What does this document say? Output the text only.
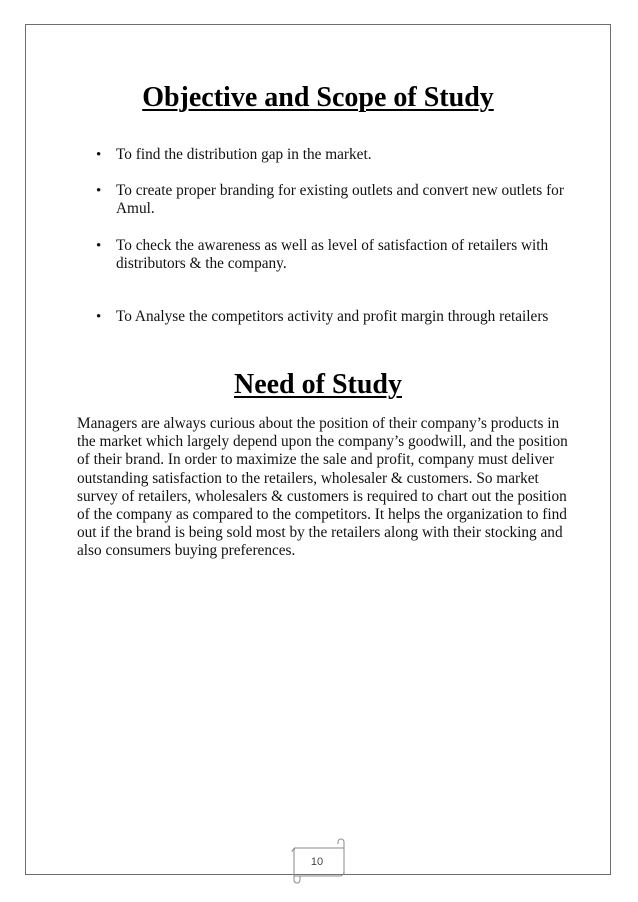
Objective and Scope of Study
• To find the distribution gap in the market.
• To create proper branding for existing outlets and convert new outlets for Amul.
• To check the awareness as well as level of satisfaction of retailers with distributors & the company.
• To Analyse the competitors activity and profit margin through retailers
Need of Study

Managers are always curious about the position of their company’s products in the market which largely depend upon the company’s goodwill, and the position of their brand. In order to maximize the sale and profit, company must deliver outstanding satisfaction to the retailers, wholesaler & customers. So market survey of retailers, wholesalers & customers is required to chart out the position of the company as compared to the competitors. It helps the organization to find out if the brand is being sold most by the retailers along with their stocking and also consumers buying preferences.

10
